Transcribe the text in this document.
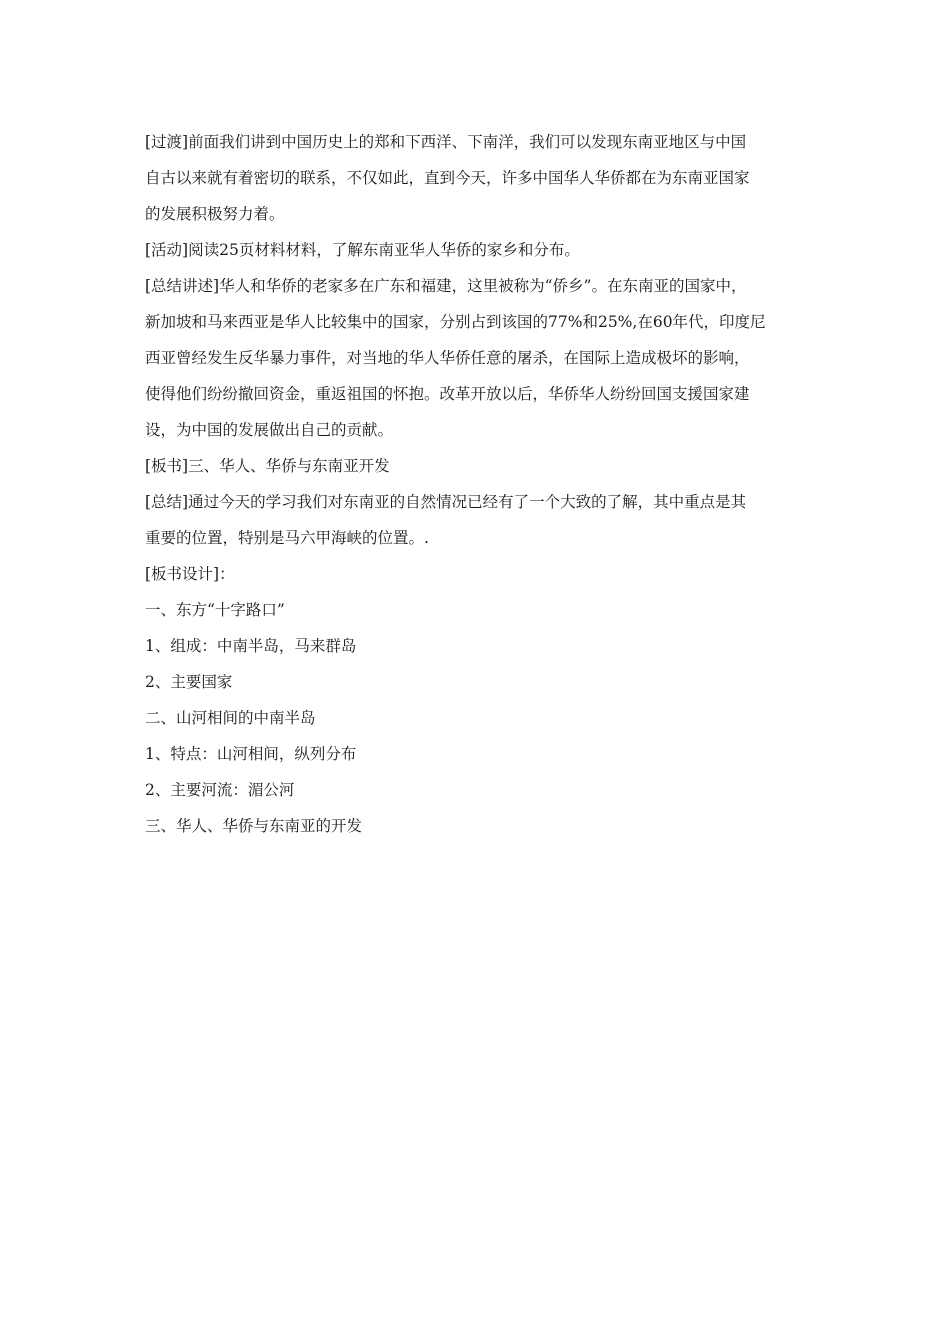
[过渡]前面我们讲到中国历史上的郑和下西洋、下南洋，我们可以发现东南亚地区与中国

自古以来就有着密切的联系，不仅如此，直到今天，许多中国华人华侨都在为东南亚国家

的发展积极努力着。

[活动]阅读25页材料材料，了解东南亚华人华侨的家乡和分布。

[总结讲述]华人和华侨的老家多在广东和福建，这里被称为“侨乡”。在东南亚的国家中，

新加坡和马来西亚是华人比较集中的国家，分别占到该国的77%和25%,在60年代，印度尼

西亚曾经发生反华暴力事件，对当地的华人华侨任意的屠杀，在国际上造成极坏的影响，

使得他们纷纷撤回资金，重返祖国的怀抱。改革开放以后，华侨华人纷纷回国支援国家建

设，为中国的发展做出自己的贡献。

[板书]三、华人、华侨与东南亚开发

[总结]通过今天的学习我们对东南亚的自然情况已经有了一个大致的了解，其中重点是其

重要的位置，特别是马六甲海峡的位置。.

[板书设计]：

一、东方“十字路口”

1、组成：中南半岛，马来群岛

2、主要国家

二、山河相间的中南半岛

1、特点：山河相间，纵列分布

2、主要河流：湄公河

三、华人、华侨与东南亚的开发
